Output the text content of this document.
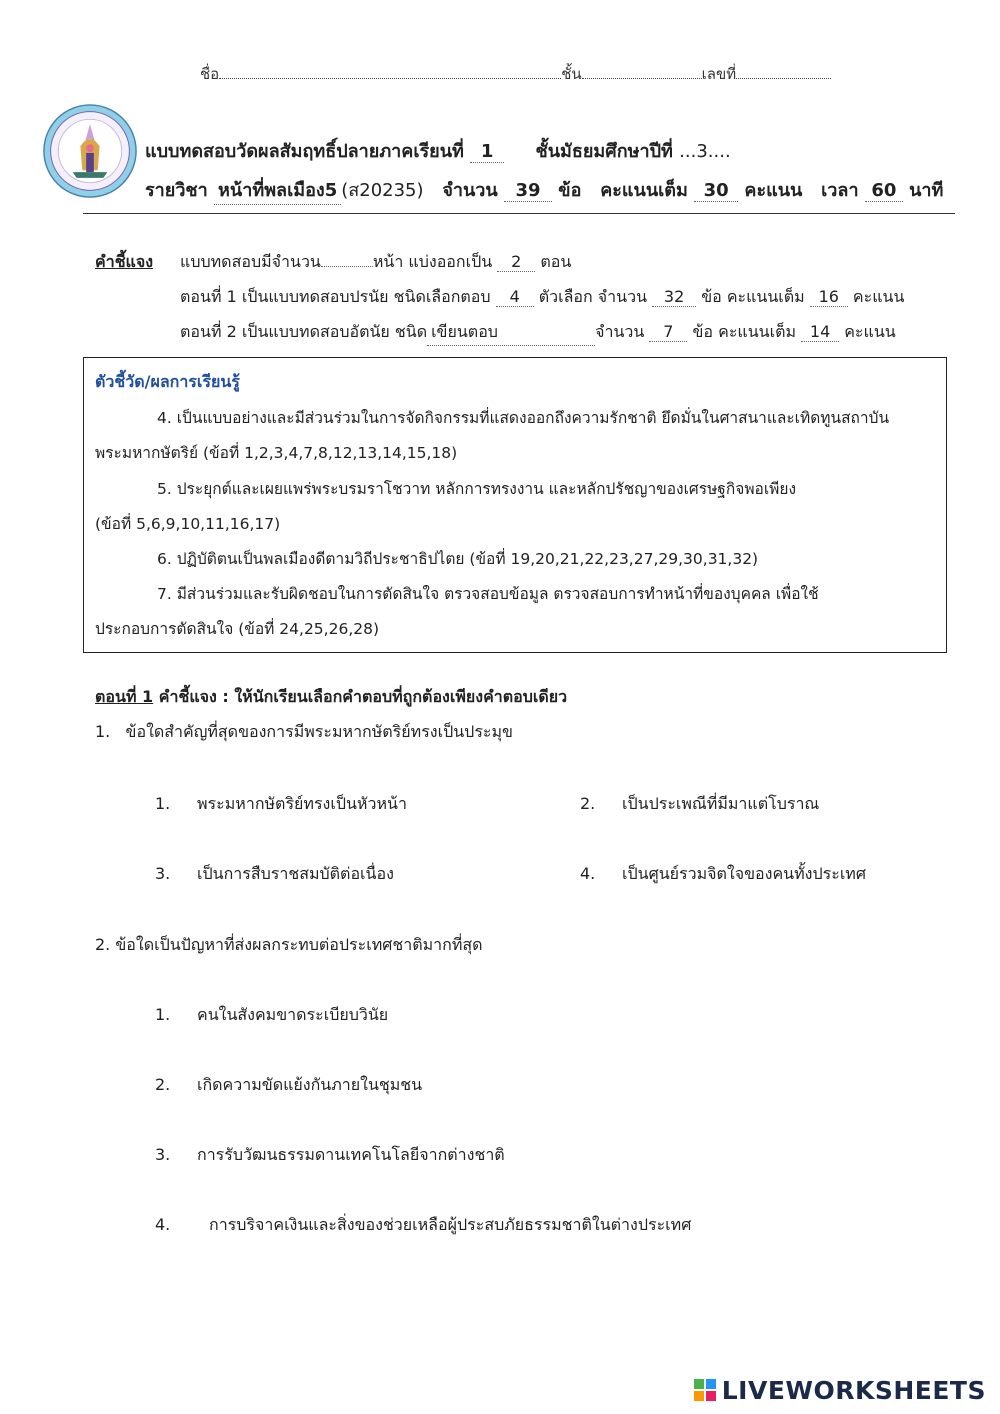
ชื่อ	ชั้น	เลขที่
แบบทดสอบวัดผลสัมฤทธิ์ปลายภาคเรียนที่ 1 ชั้นมัธยมศึกษาปีที่ ...3....
รายวิชา หน้าที่พลเมือง5 (ส20235) จำนวน 39 ข้อ คะแนนเต็ม 30 คะแนน เวลา 60 นาที
คำชี้แจง แบบทดสอบมีจำนวน	หน้า แบ่งออกเป็น 2 ตอน
ตอนที่ 1 เป็นแบบทดสอบปรนัย ชนิดเลือกตอบ 4 ตัวเลือก จำนวน 32 ข้อ คะแนนเต็ม 16 คะแนน
ตอนที่ 2 เป็นแบบทดสอบอัตนัย ชนิด เขียนตอบ	จำนวน 7 ข้อ คะแนนเต็ม 14 คะแนน
ตัวชี้วัด/ผลการเรียนรู้
4. เป็นแบบอย่างและมีส่วนร่วมในการจัดกิจกรรมที่แสดงออกถึงความรักชาติ ยึดมั่นในศาสนาและเทิดทูนสถาบัน
พระมหากษัตริย์ (ข้อที่ 1,2,3,4,7,8,12,13,14,15,18)
5. ประยุกต์และเผยแพร่พระบรมราโชวาท หลักการทรงงาน และหลักปรัชญาของเศรษฐกิจพอเพียง
(ข้อที่ 5,6,9,10,11,16,17)
6. ปฏิบัติตนเป็นพลเมืองดีตามวิถีประชาธิปไตย (ข้อที่ 19,20,21,22,23,27,29,30,31,32)
7. มีส่วนร่วมและรับผิดชอบในการตัดสินใจ ตรวจสอบข้อมูล ตรวจสอบการทำหน้าที่ของบุคคล เพื่อใช้
ประกอบการตัดสินใจ (ข้อที่ 24,25,26,28)
ตอนที่ 1 คำชี้แจง : ให้นักเรียนเลือกคำตอบที่ถูกต้องเพียงคำตอบเดียว
1. ข้อใดสำคัญที่สุดของการมีพระมหากษัตริย์ทรงเป็นประมุข
1. พระมหากษัตริย์ทรงเป็นหัวหน้า	2. เป็นประเพณีที่มีมาแต่โบราณ
3. เป็นการสืบราชสมบัติต่อเนื่อง	4. เป็นศูนย์รวมจิตใจของคนทั้งประเทศ
2. ข้อใดเป็นปัญหาที่ส่งผลกระทบต่อประเทศชาติมากที่สุด
1. คนในสังคมขาดระเบียบวินัย
2. เกิดความขัดแย้งกันภายในชุมชน
3. การรับวัฒนธรรมดานเทคโนโลยีจากต่างชาติ
4. การบริจาคเงินและสิ่งของช่วยเหลือผู้ประสบภัยธรรมชาติในต่างประเทศ
LIVEWORKSHEETS
